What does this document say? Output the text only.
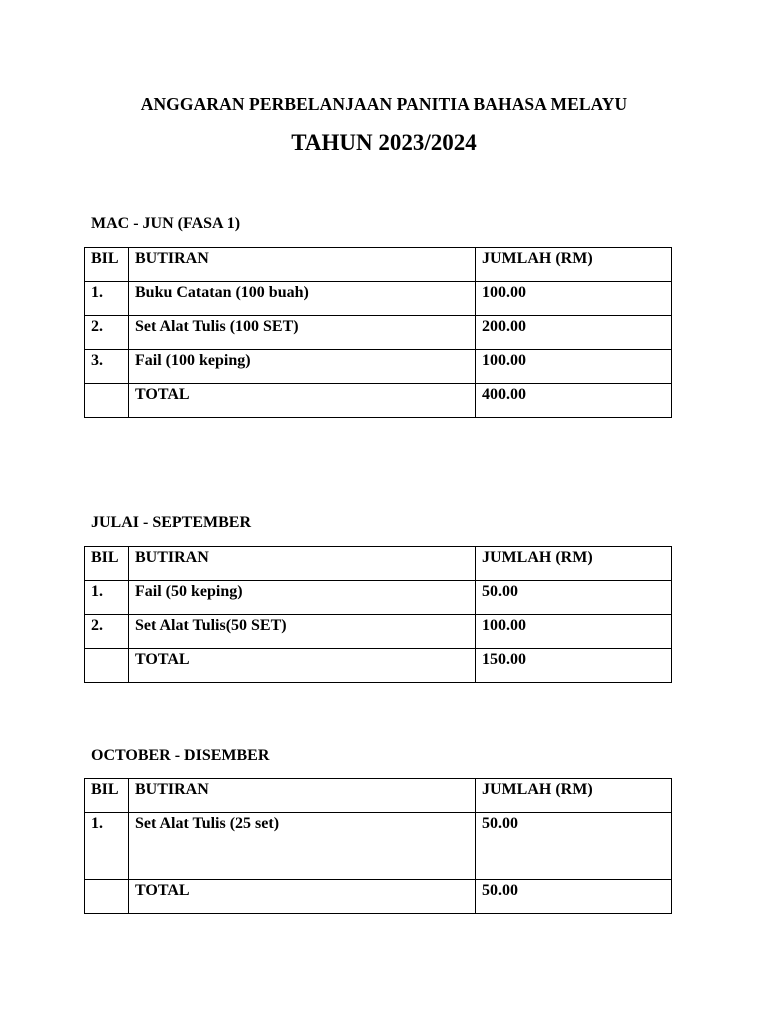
ANGGARAN PERBELANJAAN PANITIA BAHASA MELAYU
TAHUN 2023/2024

MAC - JUN (FASA 1)

BIL	BUTIRAN	JUMLAH (RM)
1.	Buku Catatan (100 buah)	100.00
2.	Set Alat Tulis (100 SET)	200.00
3.	Fail (100 keping)	100.00
	TOTAL	400.00

JULAI - SEPTEMBER

BIL	BUTIRAN	JUMLAH (RM)
1.	Fail (50 keping)	50.00
2.	Set Alat Tulis(50 SET)	100.00
	TOTAL	150.00

OCTOBER - DISEMBER

BIL	BUTIRAN	JUMLAH (RM)
1.	Set Alat Tulis (25 set)	50.00
	TOTAL	50.00
